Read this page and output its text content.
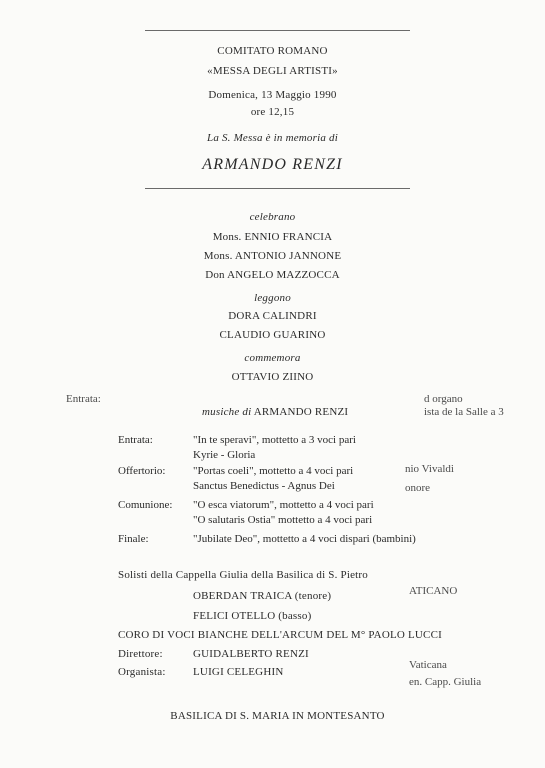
COMITATO ROMANO
«MESSA DEGLI ARTISTI»
Domenica, 13 Maggio 1990
ore 12,15
La S. Messa è in memoria di
ARMANDO RENZI
celebrano
Mons. ENNIO FRANCIA
Mons. ANTONIO JANNONE
Don ANGELO MAZZOCCA
leggono
DORA CALINDRI
CLAUDIO GUARINO
commemora
OTTAVIO ZIINO
Entrata:	d organo
ista de la Salle a 3
nio Vivaldi
onore
ATICANO
Vaticana
en. Capp. Giulia
musiche di ARMANDO RENZI
Entrata:	"In te speravi", mottetto a 3 voci pari
Kyrie - Gloria
Offertorio:	"Portas coeli", mottetto a 4 voci pari
Sanctus Benedictus - Agnus Dei
Comunione: "O esca viatorum", mottetto a 4 voci pari
"O salutaris Ostia" mottetto a 4 voci pari
Finale:	"Jubilate Deo", mottetto a 4 voci dispari (bambini)
Solisti della Cappella Giulia della Basilica di S. Pietro
OBERDAN TRAICA (tenore)
FELICI OTELLO (basso)
CORO DI VOCI BIANCHE DELL'ARCUM DEL M° PAOLO LUCCI
Direttore:	GUIDALBERTO RENZI
Organista: LUIGI CELEGHIN
BASILICA DI S. MARIA IN MONTESANTO
